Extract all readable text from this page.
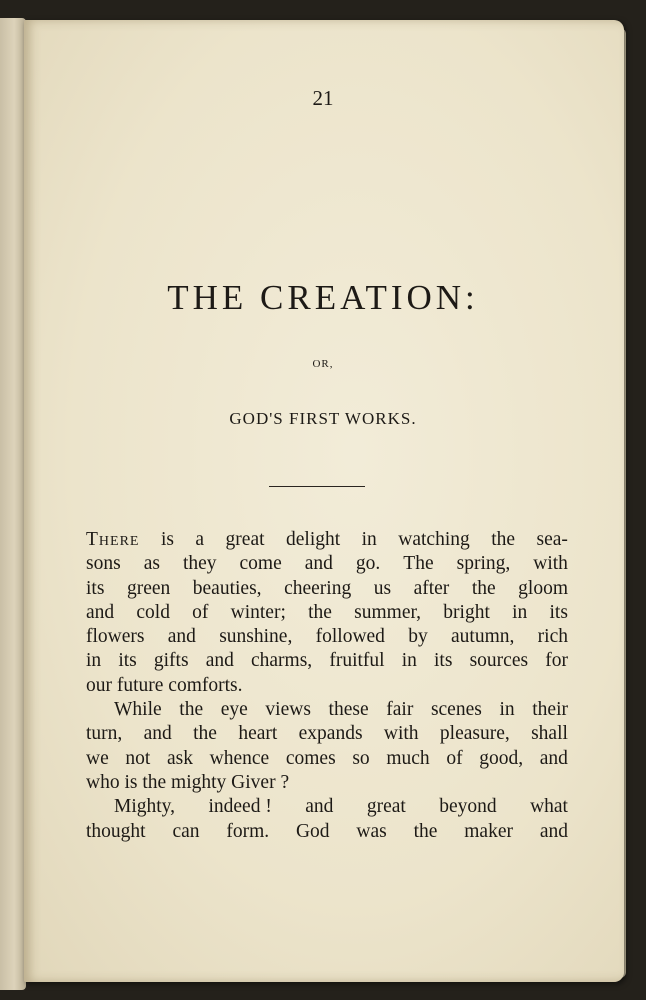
21
THE CREATION:
OR,
GOD'S FIRST WORKS.
There is a great delight in watching the sea-
sons as they come and go. The spring, with
its green beauties, cheering us after the gloom
and cold of winter; the summer, bright in its
flowers and sunshine, followed by autumn, rich
in its gifts and charms, fruitful in its sources for
our future comforts.
While the eye views these fair scenes in their
turn, and the heart expands with pleasure, shall
we not ask whence comes so much of good, and
who is the mighty Giver ?
Mighty, indeed ! and great beyond what
thought can form. God was the maker and
